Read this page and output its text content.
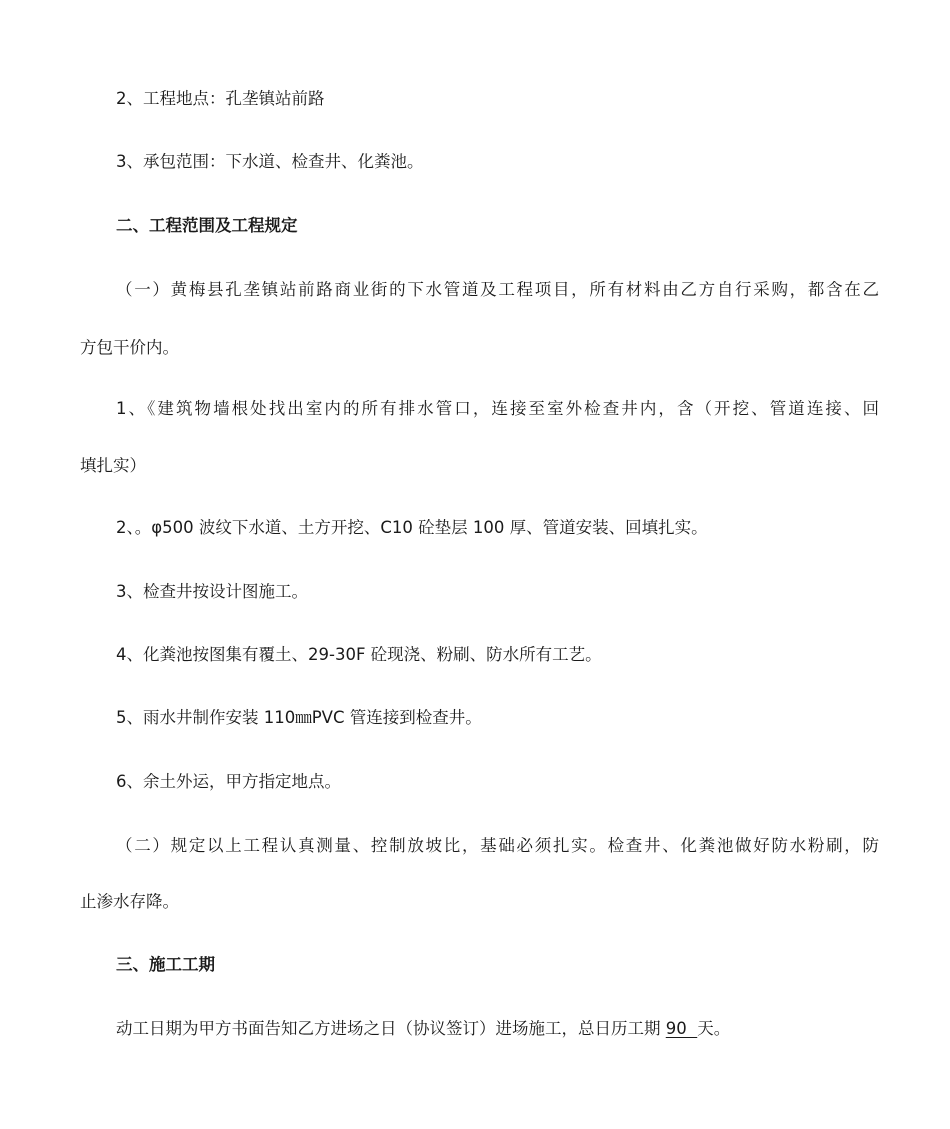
2、工程地点：孔垄镇站前路
3、承包范围：下水道、检查井、化粪池。
二、工程范围及工程规定
（一）黄梅县孔垄镇站前路商业街的下水管道及工程项目，所有材料由乙方自行采购，都含在乙
方包干价内。
1、《建筑物墙根处找出室内的所有排水管口，连接至室外检查井内，含（开挖、管道连接、回
填扎实）
2、。φ500 波纹下水道、土方开挖、C10 砼垫层 100 厚、管道安装、回填扎实。
3、检查井按设计图施工。
4、化粪池按图集有覆土、29-30F 砼现浇、粉刷、防水所有工艺。
5、雨水井制作安装 110㎜PVC 管连接到检查井。
6、余土外运，甲方指定地点。
（二）规定以上工程认真测量、控制放坡比，基础必须扎实。检查井、化粪池做好防水粉刷，防
止渗水存降。
三、施工工期
动工日期为甲方书面告知乙方进场之日（协议签订）进场施工，总日历工期 90  天。
